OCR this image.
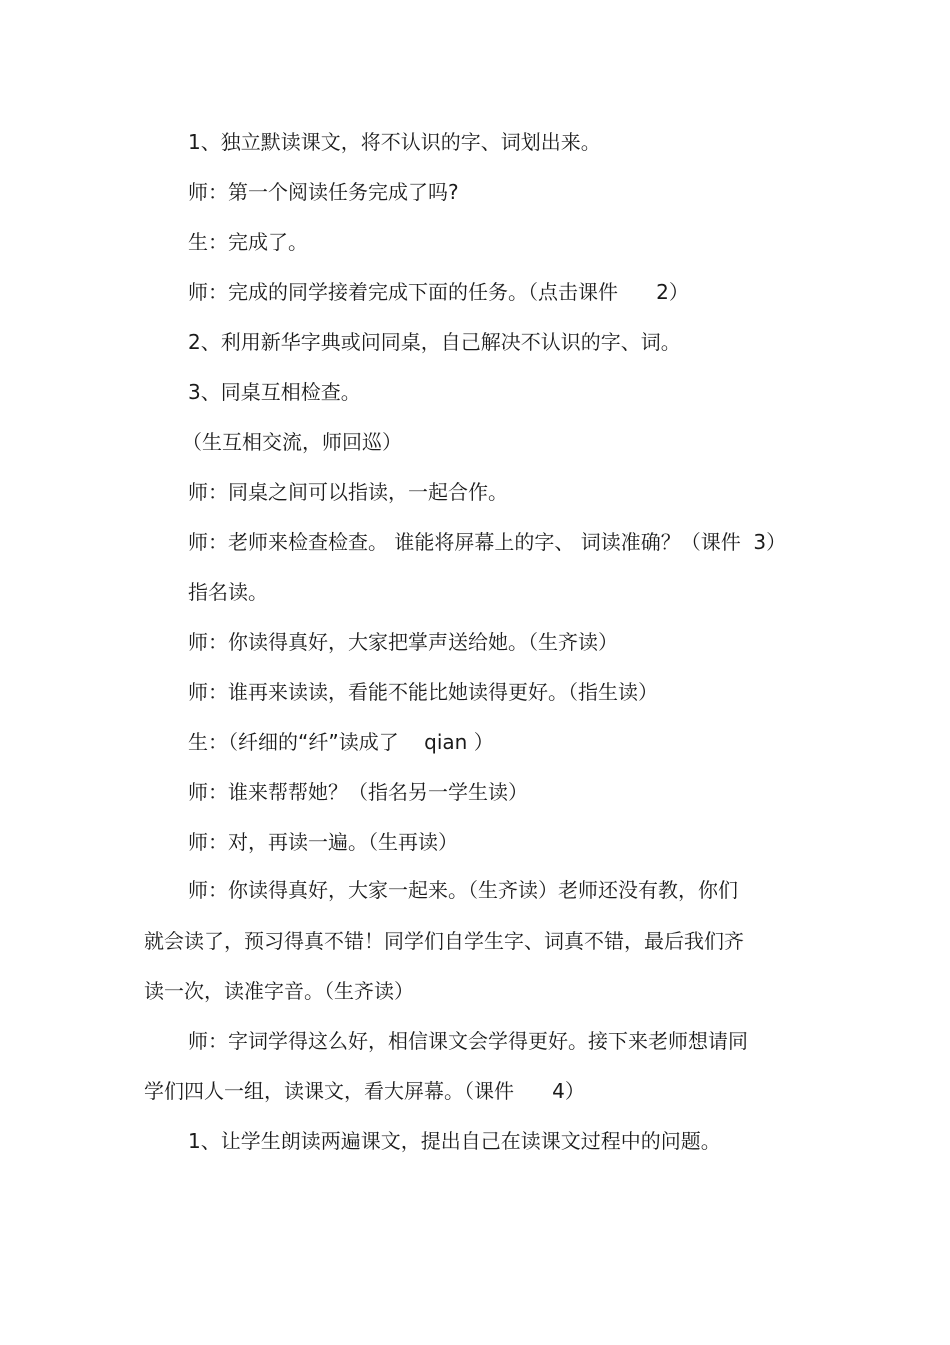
1、独立默读课文，将不认识的字、词划出来。

师：第一个阅读任务完成了吗?

生：完成了。

师：完成的同学接着完成下面的任务。（点击课件      2）

2、利用新华字典或问同桌，自己解决不认识的字、词。

3、同桌互相检查。

（生互相交流，师回巡）

师：同桌之间可以指读，一起合作。

师：老师来检查检查。 谁能将屏幕上的字、 词读准确？（课件  3）

指名读。

师：你读得真好，大家把掌声送给她。（生齐读）

师：谁再来读读，看能不能比她读得更好。（指生读）

生：（纤细的“纤”读成了    qian ）

师：谁来帮帮她？（指名另一学生读）

师：对，再读一遍。（生再读）

师：你读得真好，大家一起来。（生齐读）老师还没有教，你们

就会读了，预习得真不错！同学们自学生字、词真不错，最后我们齐

读一次，读准字音。（生齐读）

师：字词学得这么好，相信课文会学得更好。接下来老师想请同

学们四人一组，读课文，看大屏幕。（课件      4）

1、让学生朗读两遍课文，提出自己在读课文过程中的问题。
